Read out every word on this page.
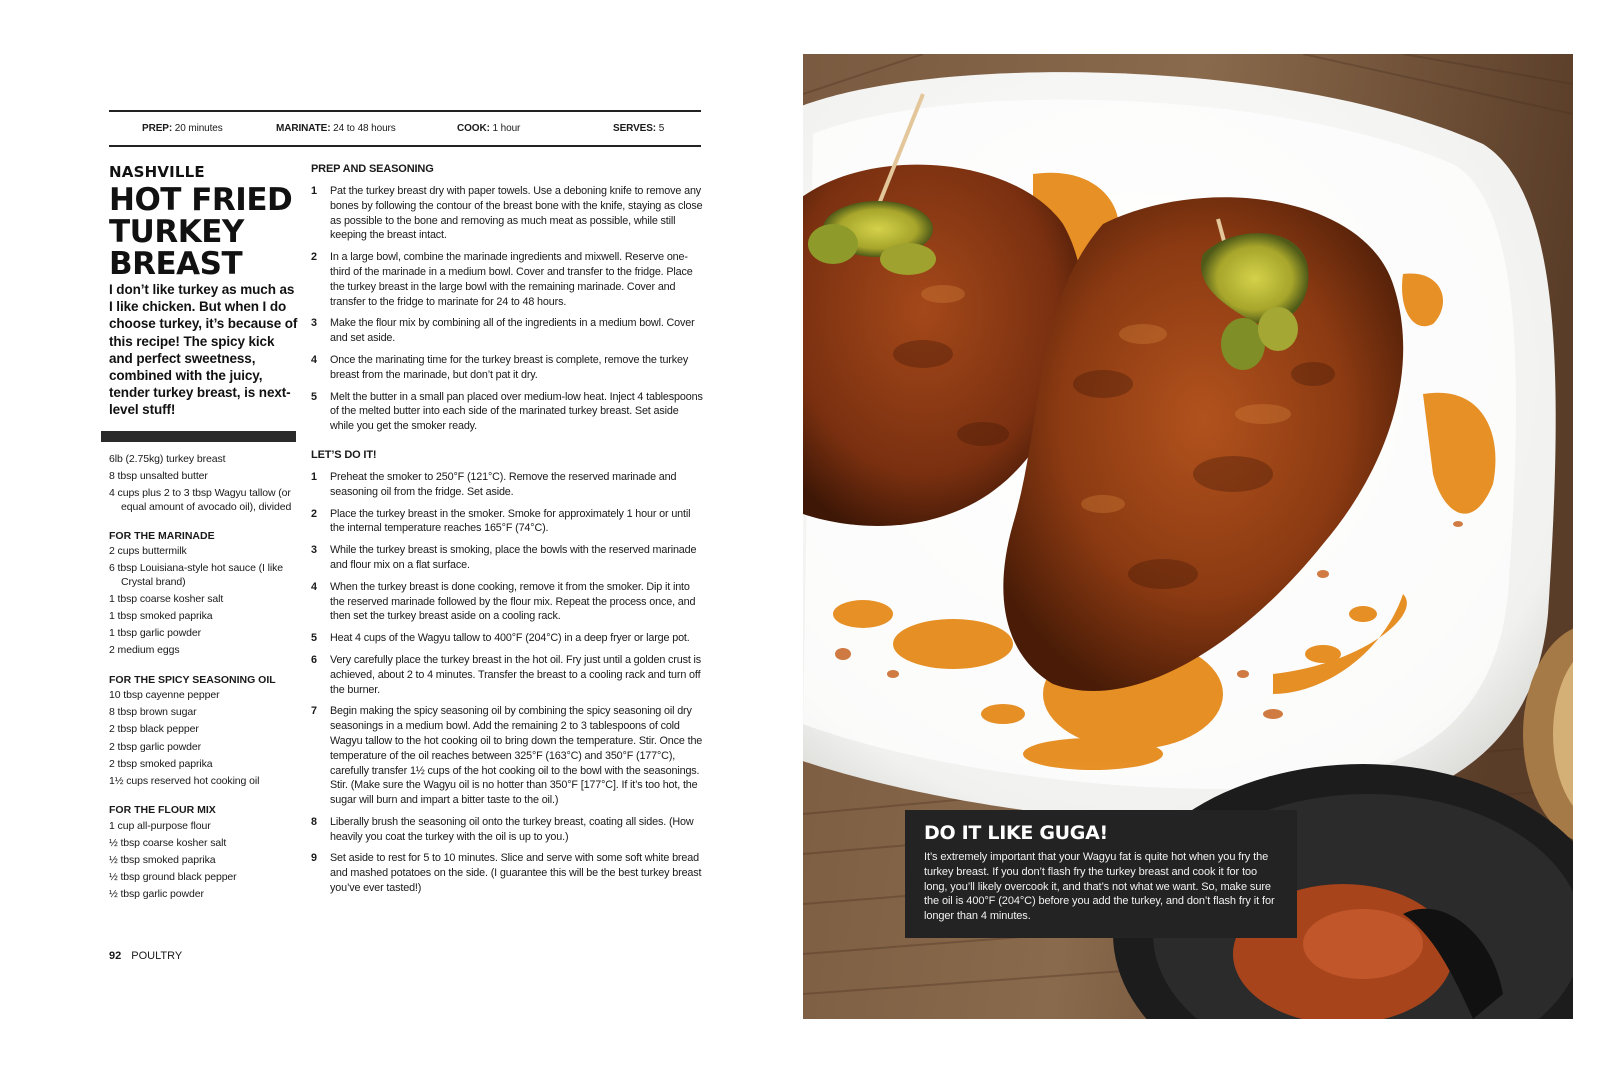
PREP: 20 minutes	MARINATE: 24 to 48 hours	COOK: 1 hour	SERVES: 5
NASHVILLE
HOT FRIED
TURKEY
BREAST
I don’t like turkey as much as I like chicken. But when I do choose turkey, it’s because of this recipe! The spicy kick and perfect sweetness, combined with the juicy, tender turkey breast, is next-level stuff!
6lb (2.75kg) turkey breast
8 tbsp unsalted butter
4 cups plus 2 to 3 tbsp Wagyu tallow (or equal amount of avocado oil), divided
FOR THE MARINADE
2 cups buttermilk
6 tbsp Louisiana-style hot sauce (I like Crystal brand)
1 tbsp coarse kosher salt
1 tbsp smoked paprika
1 tbsp garlic powder
2 medium eggs
FOR THE SPICY SEASONING OIL
10 tbsp cayenne pepper
8 tbsp brown sugar
2 tbsp black pepper
2 tbsp garlic powder
2 tbsp smoked paprika
1½ cups reserved hot cooking oil
FOR THE FLOUR MIX
1 cup all-purpose flour
½ tbsp coarse kosher salt
½ tbsp smoked paprika
½ tbsp ground black pepper
½ tbsp garlic powder
92 POULTRY
PREP AND SEASONING
1 Pat the turkey breast dry with paper towels. Use a deboning knife to remove any bones by following the contour of the breast bone with the knife, staying as close as possible to the bone and removing as much meat as possible, while still keeping the breast intact.
2 In a large bowl, combine the marinade ingredients and mixwell. Reserve one-third of the marinade in a medium bowl. Cover and transfer to the fridge. Place the turkey breast in the large bowl with the remaining marinade. Cover and transfer to the fridge to marinate for 24 to 48 hours.
3 Make the flour mix by combining all of the ingredients in a medium bowl. Cover and set aside.
4 Once the marinating time for the turkey breast is complete, remove the turkey breast from the marinade, but don’t pat it dry.
5 Melt the butter in a small pan placed over medium-low heat. Inject 4 tablespoons of the melted butter into each side of the marinated turkey breast. Set aside while you get the smoker ready.
LET’S DO IT!
1 Preheat the smoker to 250°F (121°C). Remove the reserved marinade and seasoning oil from the fridge. Set aside.
2 Place the turkey breast in the smoker. Smoke for approximately 1 hour or until the internal temperature reaches 165°F (74°C).
3 While the turkey breast is smoking, place the bowls with the reserved marinade and flour mix on a flat surface.
4 When the turkey breast is done cooking, remove it from the smoker. Dip it into the reserved marinade followed by the flour mix. Repeat the process once, and then set the turkey breast aside on a cooling rack.
5 Heat 4 cups of the Wagyu tallow to 400°F (204°C) in a deep fryer or large pot.
6 Very carefully place the turkey breast in the hot oil. Fry just until a golden crust is achieved, about 2 to 4 minutes. Transfer the breast to a cooling rack and turn off the burner.
7 Begin making the spicy seasoning oil by combining the spicy seasoning oil dry seasonings in a medium bowl. Add the remaining 2 to 3 tablespoons of cold Wagyu tallow to the hot cooking oil to bring down the temperature. Stir. Once the temperature of the oil reaches between 325°F (163°C) and 350°F (177°C), carefully transfer 1½ cups of the hot cooking oil to the bowl with the seasonings. Stir. (Make sure the Wagyu oil is no hotter than 350°F [177°C]. If it’s too hot, the sugar will burn and impart a bitter taste to the oil.)
8 Liberally brush the seasoning oil onto the turkey breast, coating all sides. (How heavily you coat the turkey with the oil is up to you.)
9 Set aside to rest for 5 to 10 minutes. Slice and serve with some soft white bread and mashed potatoes on the side. (I guarantee this will be the best turkey breast you’ve ever tasted!)
DO IT LIKE GUGA!
It’s extremely important that your Wagyu fat is quite hot when you fry the turkey breast. If you don’t flash fry the turkey breast and cook it for too long, you’ll likely overcook it, and that’s not what we want. So, make sure the oil is 400°F (204°C) before you add the turkey, and don’t flash fry it for longer than 4 minutes.
